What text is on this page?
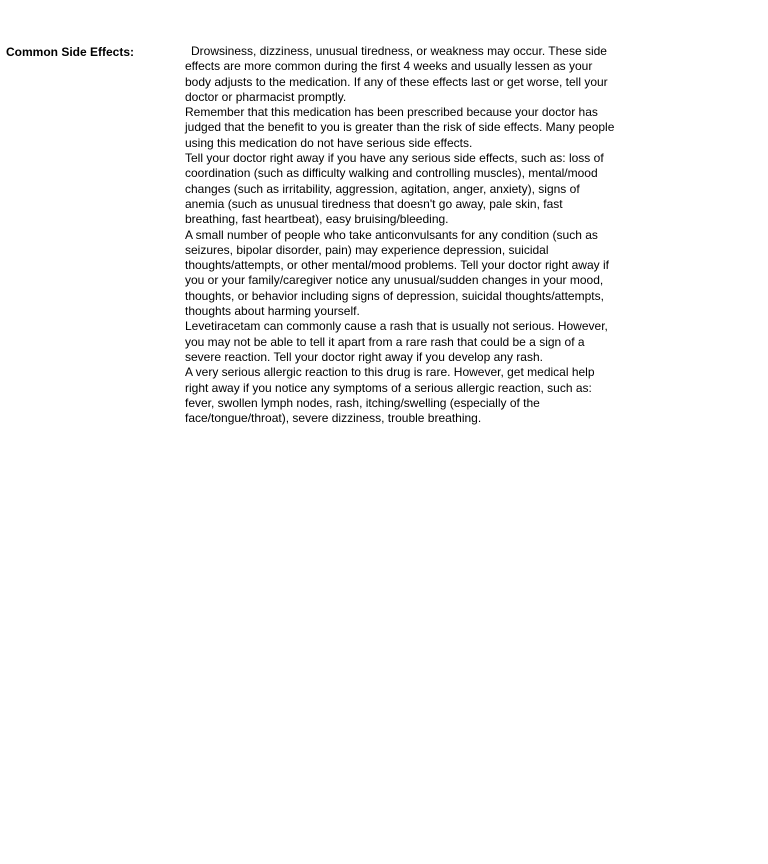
Common Side Effects:	Drowsiness, dizziness, unusual tiredness, or weakness may occur. These side effects are more common during the first 4 weeks and usually lessen as your body adjusts to the medication. If any of these effects last or get worse, tell your doctor or pharmacist promptly.

Remember that this medication has been prescribed because your doctor has judged that the benefit to you is greater than the risk of side effects. Many people using this medication do not have serious side effects.

Tell your doctor right away if you have any serious side effects, such as: loss of coordination (such as difficulty walking and controlling muscles), mental/mood changes (such as irritability, aggression, agitation, anger, anxiety), signs of anemia (such as unusual tiredness that doesn't go away, pale skin, fast breathing, fast heartbeat), easy bruising/bleeding.

A small number of people who take anticonvulsants for any condition (such as seizures, bipolar disorder, pain) may experience depression, suicidal thoughts/attempts, or other mental/mood problems. Tell your doctor right away if you or your family/caregiver notice any unusual/sudden changes in your mood, thoughts, or behavior including signs of depression, suicidal thoughts/attempts, thoughts about harming yourself.

Levetiracetam can commonly cause a rash that is usually not serious. However, you may not be able to tell it apart from a rare rash that could be a sign of a severe reaction. Tell your doctor right away if you develop any rash.

A very serious allergic reaction to this drug is rare. However, get medical help right away if you notice any symptoms of a serious allergic reaction, such as: fever, swollen lymph nodes, rash, itching/swelling (especially of the face/tongue/throat), severe dizziness, trouble breathing.
